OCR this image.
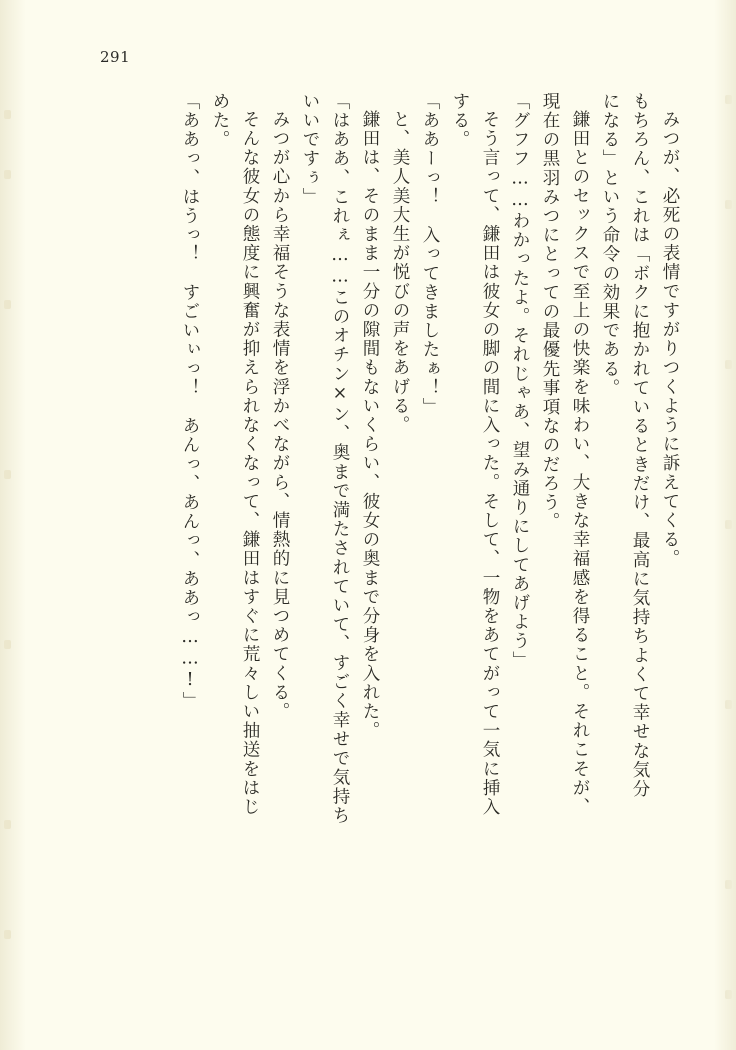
291
みつが、必死の表情ですがりつくように訴えてくる。
もちろん、これは「ボクに抱かれているときだけ、最高に気持ちよくて幸せな気分
になる」という命令の効果である。
鎌田とのセックスで至上の快楽を味わい、大きな幸福感を得ること。それこそが、
現在の黒羽みつにとっての最優先事項なのだろう。
「グフフ……わかったよ。それじゃあ、望み通りにしてあげよう」
そう言って、鎌田は彼女の脚の間に入った。そして、一物をあてがって一気に挿入
する。
「ああーっ！　入ってきましたぁ！」
と、美人美大生が悦びの声をあげる。
鎌田は、そのまま一分の隙間もないくらい、彼女の奥まで分身を入れた。
「はああ、これぇ……このオチン×ン、奥まで満たされていて、すごく幸せで気持ち
いいですぅ」
みつが心から幸福そうな表情を浮かべながら、情熱的に見つめてくる。
そんな彼女の態度に興奮が抑えられなくなって、鎌田はすぐに荒々しい抽送をはじ
めた。
「ああっ、はうっ！　すごいぃっ！　あんっ、あんっ、ああっ……!」
